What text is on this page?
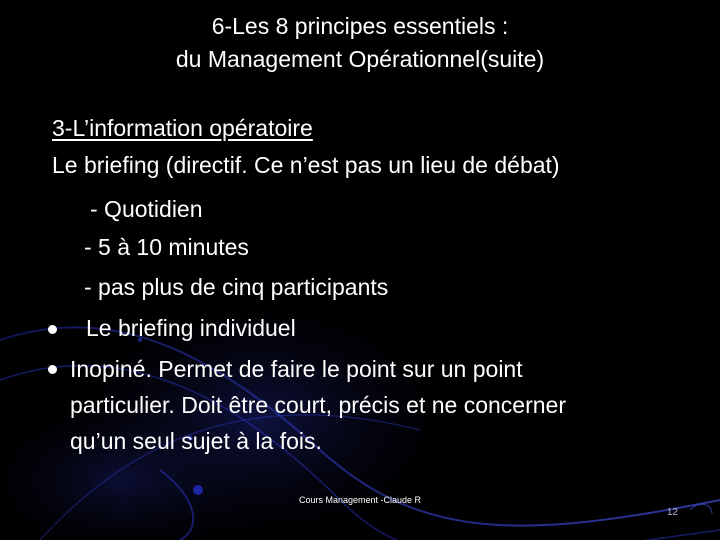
6-Les 8 principes essentiels :
du Management Opérationnel(suite)
3-L’information opératoire
Le briefing (directif. Ce n’est pas un lieu de débat)
- Quotidien
- 5 à 10 minutes
- pas plus de cinq participants
Le briefing individuel
Inopiné. Permet de faire le point sur un point
particulier. Doit être court, précis et ne concerner
qu’un seul sujet à la fois.
Cours Management -Claude R
12
